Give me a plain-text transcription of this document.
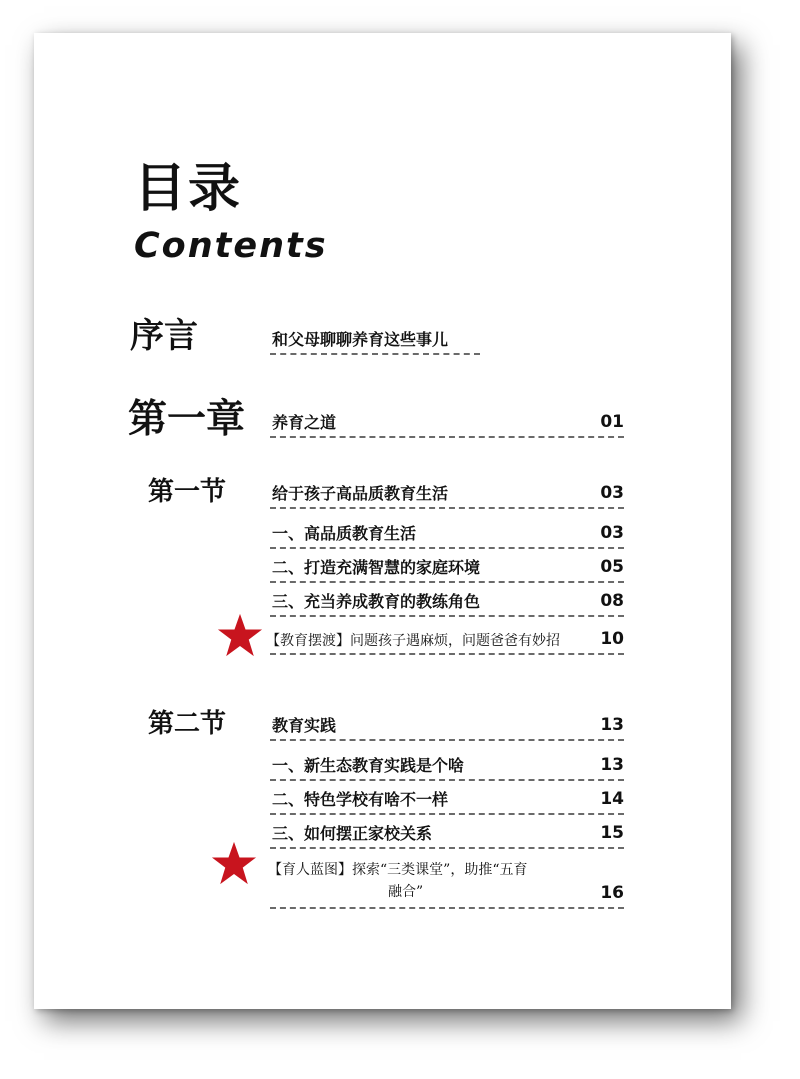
目录
Contents
序言	和父母聊聊养育这些事儿
第一章 养育之道	01
第一节	给于孩子高品质教育生活	03
一、高品质教育生活	03
二、打造充满智慧的家庭环境	05
三、充当养成教育的教练角色	08
【教育摆渡】问题孩子遇麻烦，问题爸爸有妙招 10
第二节	教育实践	13
一、新生态教育实践是个啥	13
二、特色学校有啥不一样	14
三、如何摆正家校关系	15
【育人蓝图】探索“三类课堂”，助推“五育
融合”	16
